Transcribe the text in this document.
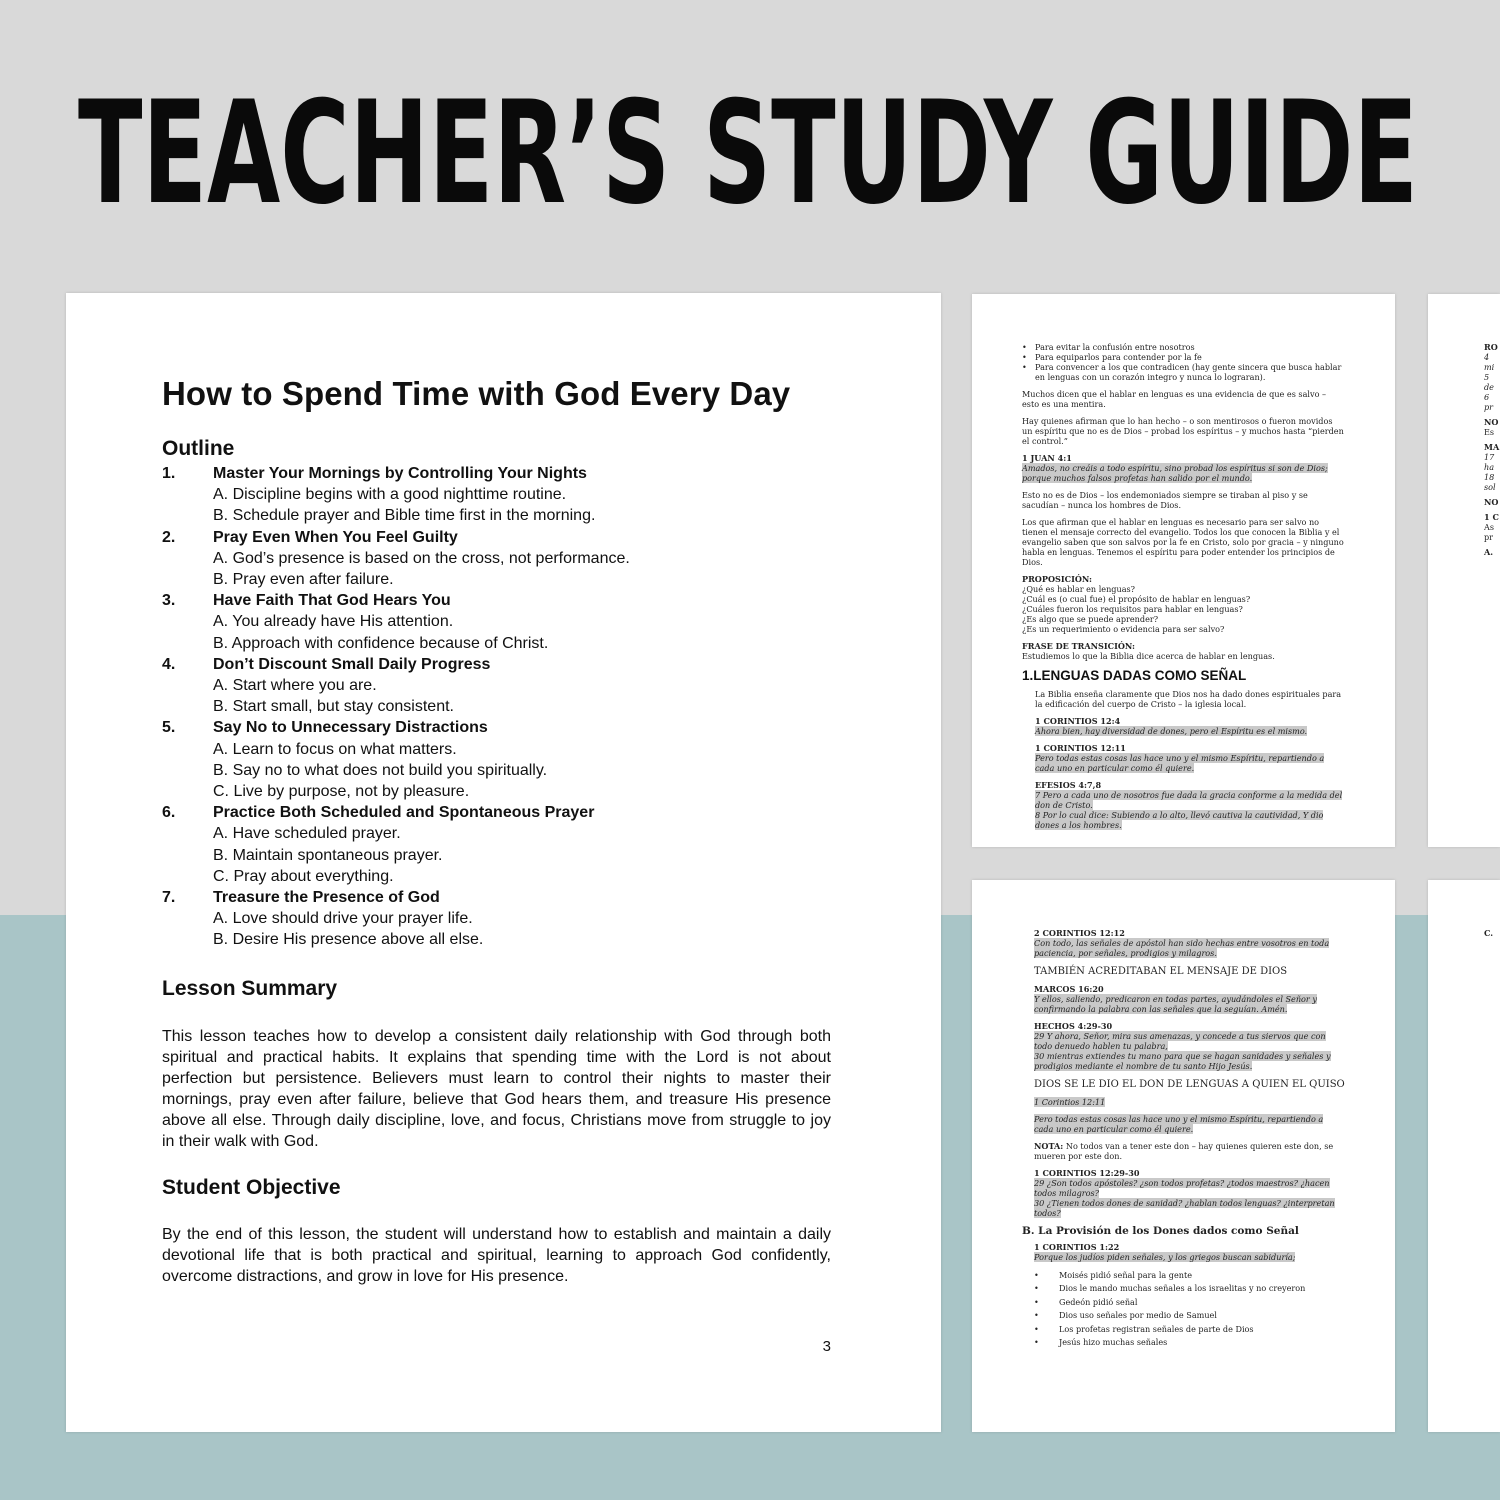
TEACHER’S STUDY GUIDE
How to Spend Time with God Every Day
Outline
1.	Master Your Mornings by Controlling Your Nights
A. Discipline begins with a good nighttime routine.
B. Schedule prayer and Bible time first in the morning.
2.	Pray Even When You Feel Guilty
A. God’s presence is based on the cross, not performance.
B. Pray even after failure.
3.	Have Faith That God Hears You
A. You already have His attention.
B. Approach with confidence because of Christ.
4.	Don’t Discount Small Daily Progress
A. Start where you are.
B. Start small, but stay consistent.
5.	Say No to Unnecessary Distractions
A. Learn to focus on what matters.
B. Say no to what does not build you spiritually.
C. Live by purpose, not by pleasure.
6.	Practice Both Scheduled and Spontaneous Prayer
A. Have scheduled prayer.
B. Maintain spontaneous prayer.
C. Pray about everything.
7.	Treasure the Presence of God
A. Love should drive your prayer life.
B. Desire His presence above all else.
Lesson Summary

This lesson teaches how to develop a consistent daily relationship with God through both spiritual and practical habits. It explains that spending time with the Lord is not about perfection but persistence. Believers must learn to control their nights to master their mornings, pray even after failure, believe that God hears them, and treasure His presence above all else. Through daily discipline, love, and focus, Christians move from struggle to joy in their walk with God.

Student Objective

By the end of this lesson, the student will understand how to establish and maintain a daily devotional life that is both practical and spiritual, learning to approach God confidently, overcome distractions, and grow in love for His presence.

3
• Para evitar la confusión entre nosotros
• Para equiparlos para contender por la fe
• Para convencer a los que contradicen (hay gente sincera que busca hablar en lenguas con un corazón integro y nunca lo lograran).
Muchos dicen que el hablar en lenguas es una evidencia de que es salvo – esto es una mentira.
Hay quienes afirman que lo han hecho – o son mentirosos o fueron movidos un espíritu que no es de Dios – probad los espíritus – y muchos hasta “pierden el control.”
1 JUAN 4:1
Amados, no creáis a todo espíritu, sino probad los espíritus si son de Dios; porque muchos falsos profetas han salido por el mundo.
Esto no es de Dios – los endemoniados siempre se tiraban al piso y se sacudían – nunca los hombres de Dios.
Los que afirman que el hablar en lenguas es necesario para ser salvo no tienen el mensaje correcto del evangelio. Todos los que conocen la Biblia y el evangelio saben que son salvos por la fe en Cristo, solo por gracia – y ninguno habla en lenguas. Tenemos el espíritu para poder entender los principios de Dios.
PROPOSICIÓN:
¿Qué es hablar en lenguas?
¿Cuál es (o cual fue) el propósito de hablar en lenguas?
¿Cuáles fueron los requisitos para hablar en lenguas?
¿Es algo que se puede aprender?
¿Es un requerimiento o evidencia para ser salvo?
FRASE DE TRANSICIÓN:
Estudiemos lo que la Biblia dice acerca de hablar en lenguas.
1.LENGUAS DADAS COMO SEÑAL
La Biblia enseña claramente que Dios nos ha dado dones espirituales para la edificación del cuerpo de Cristo – la iglesia local.
1 CORINTIOS 12:4
Ahora bien, hay diversidad de dones, pero el Espíritu es el mismo.
1 CORINTIOS 12:11
Pero todas estas cosas las hace uno y el mismo Espíritu, repartiendo a cada uno en particular como él quiere.
EFESIOS 4:7,8
7 Pero a cada uno de nosotros fue dada la gracia conforme a la medida del don de Cristo.
8 Por lo cual dice: Subiendo a lo alto, llevó cautiva la cautividad, Y dio dones a los hombres.
2 CORINTIOS 12:12
Con todo, las señales de apóstol han sido hechas entre vosotros en toda paciencia, por señales, prodigios y milagros.
TAMBIÉN ACREDITABAN EL MENSAJE DE DIOS
MARCOS 16:20
Y ellos, saliendo, predicaron en todas partes, ayudándoles el Señor y confirmando la palabra con las señales que la seguían. Amén.
HECHOS 4:29-30
29 Y ahora, Señor, mira sus amenazas, y concede a tus siervos que con todo denuedo hablen tu palabra,
30 mientras extiendes tu mano para que se hagan sanidades y señales y prodigios mediante el nombre de tu santo Hijo Jesús.
DIOS SE LE DIO EL DON DE LENGUAS A QUIEN EL QUISO
1 Corintios 12:11
Pero todas estas cosas las hace uno y el mismo Espíritu, repartiendo a cada uno en particular como él quiere.
NOTA: No todos van a tener este don – hay quienes quieren este don, se mueren por este don.
1 CORINTIOS 12:29-30
29 ¿Son todos apóstoles? ¿son todos profetas? ¿todos maestros? ¿hacen todos milagros?
30 ¿Tienen todos dones de sanidad? ¿hablan todos lenguas? ¿interpretan todos?
B. La Provisión de los Dones dados como Señal
1 CORINTIOS 1:22
Porque los judíos piden señales, y los griegos buscan sabiduría;
• Moisés pidió señal para la gente
• Dios le mando muchas señales a los israelitas y no creyeron
• Gedeón pidió señal
• Dios uso señales por medio de Samuel
• Los profetas registran señales de parte de Dios
• Jesús hizo muchas señales
RO
4
mi
5
de
6
pr
NO
Es
MA
17
ha
18
sol
NO
1 C
As
pr
A.
C.
